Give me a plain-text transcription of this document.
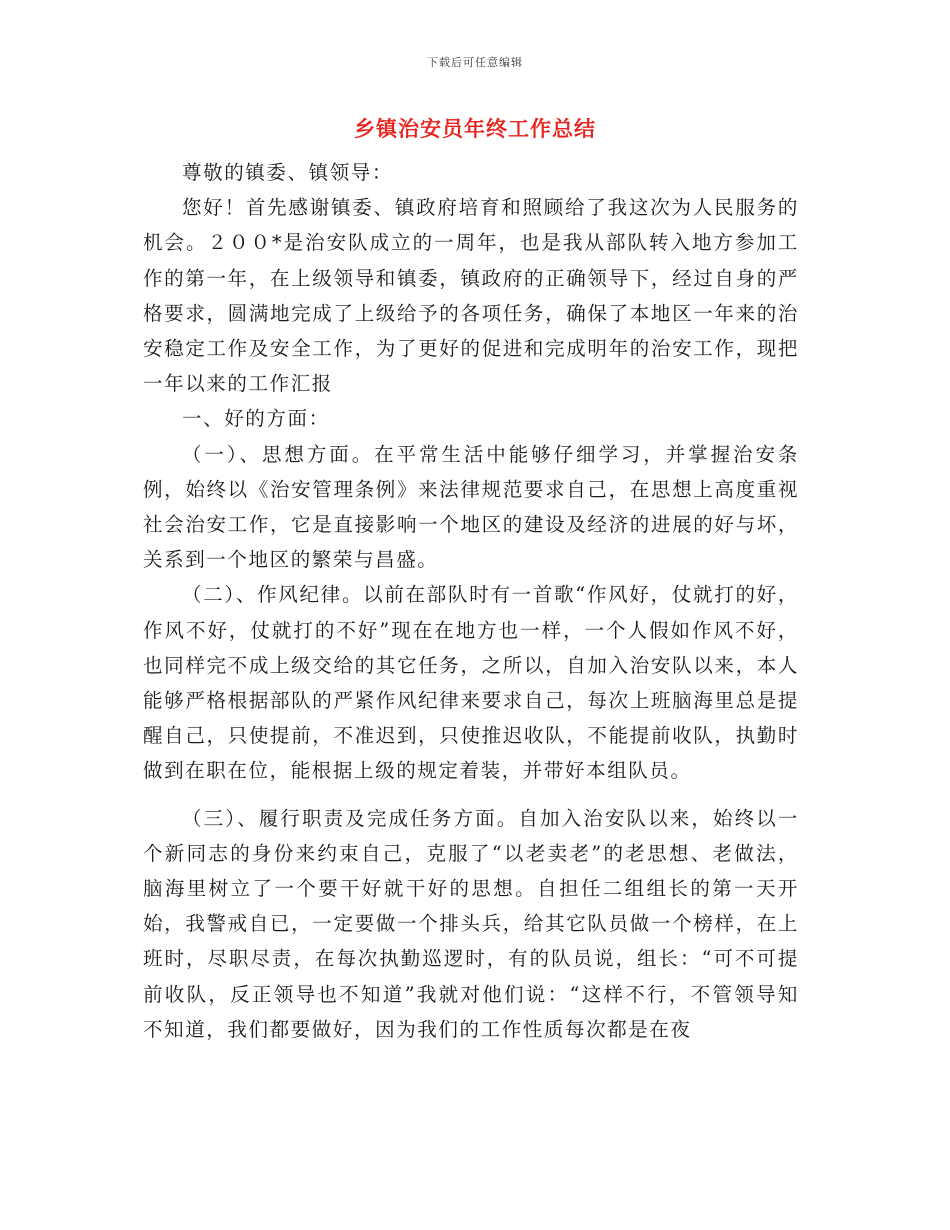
下载后可任意编辑
乡镇治安员年终工作总结

尊敬的镇委、镇领导：

您好！首先感谢镇委、镇政府培育和照顾给了我这次为人民服务的机会。２００*是治安队成立的一周年，也是我从部队转入地方参加工作的第一年，在上级领导和镇委，镇政府的正确领导下，经过自身的严格要求，圆满地完成了上级给予的各项任务，确保了本地区一年来的治安稳定工作及安全工作，为了更好的促进和完成明年的治安工作，现把一年以来的工作汇报

一、好的方面：

（一）、思想方面。在平常生活中能够仔细学习，并掌握治安条例，始终以《治安管理条例》来法律规范要求自己，在思想上高度重视社会治安工作，它是直接影响一个地区的建设及经济的进展的好与坏，关系到一个地区的繁荣与昌盛。

（二）、作风纪律。以前在部队时有一首歌“作风好，仗就打的好，作风不好，仗就打的不好”现在在地方也一样，一个人假如作风不好，也同样完不成上级交给的其它任务，之所以，自加入治安队以来，本人能够严格根据部队的严紧作风纪律来要求自己，每次上班脑海里总是提醒自己，只使提前，不准迟到，只使推迟收队，不能提前收队，执勤时做到在职在位，能根据上级的规定着装，并带好本组队员。

（三）、履行职责及完成任务方面。自加入治安队以来，始终以一个新同志的身份来约束自己，克服了“以老卖老”的老思想、老做法，脑海里树立了一个要干好就干好的思想。自担任二组组长的第一天开始，我警戒自已，一定要做一个排头兵，给其它队员做一个榜样，在上班时，尽职尽责，在每次执勤巡逻时，有的队员说，组长：“可不可提前收队，反正领导也不知道”我就对他们说：“这样不行，不管领导知不知道，我们都要做好，因为我们的工作性质每次都是在夜
